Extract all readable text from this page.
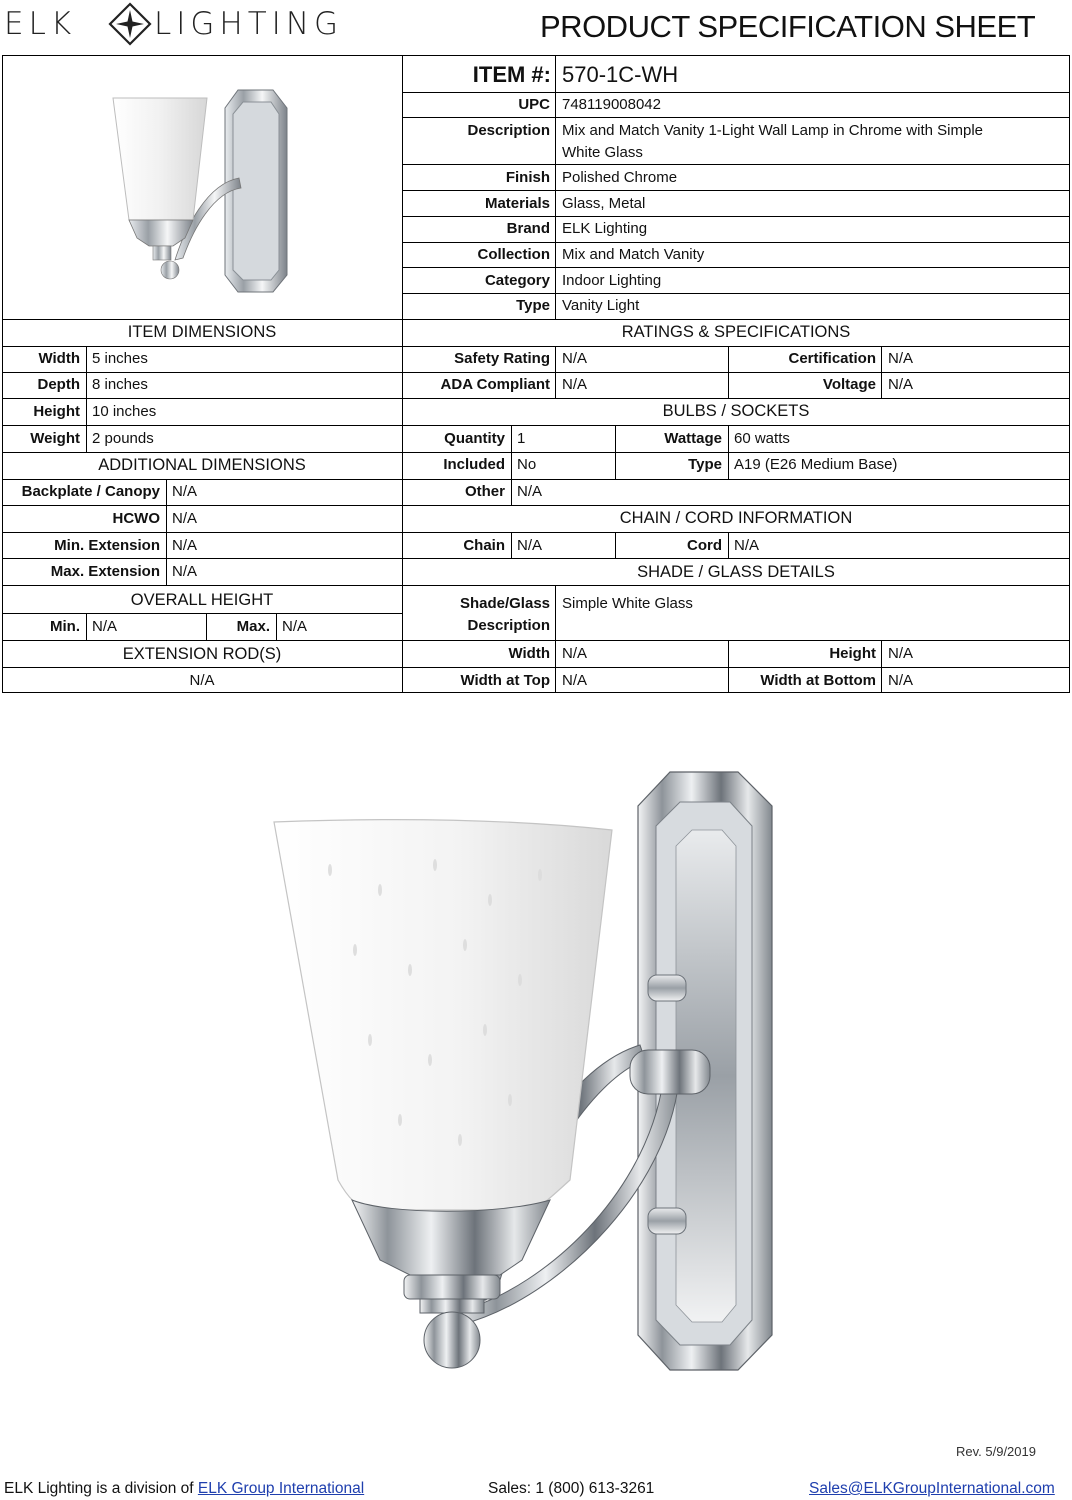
ELK	LIGHTING	PRODUCT SPECIFICATION SHEET
ITEM #: 570-1C-WH
UPC 748119008042
Description Mix and Match Vanity 1-Light Wall Lamp in Chrome with Simple
White Glass
Finish Polished Chrome
Materials Glass, Metal
Brand ELK Lighting
Collection Mix and Match Vanity
Category Indoor Lighting
Type Vanity Light
ITEM DIMENSIONS	RATINGS & SPECIFICATIONS
Width 5 inches
Depth 8 inches
Height 10 inches
Weight 2 pounds
Safety Rating N/A	Certification N/A
ADA Compliant N/A	Voltage N/A
BULBS / SOCKETS
Quantity 1	Wattage 60 watts
Included No	Type A19 (E26 Medium Base)
Other N/A
ADDITIONAL DIMENSIONS
Backplate / Canopy N/A
HCWO N/A
Min. Extension N/A
Max. Extension N/A
CHAIN / CORD INFORMATION
Chain N/A	Cord N/A
SHADE / GLASS DETAILS
Shade/Glass
Description
Simple White Glass
Width N/A	Height N/A
Width at Top N/A	Width at Bottom N/A
OVERALL HEIGHT
Min. N/A	Max. N/A
EXTENSION ROD(S)
N/A
Rev. 5/9/2019
ELK Lighting is a division of ELK Group International	Sales: 1 (800) 613-3261	Sales@ELKGroupInternational.com
